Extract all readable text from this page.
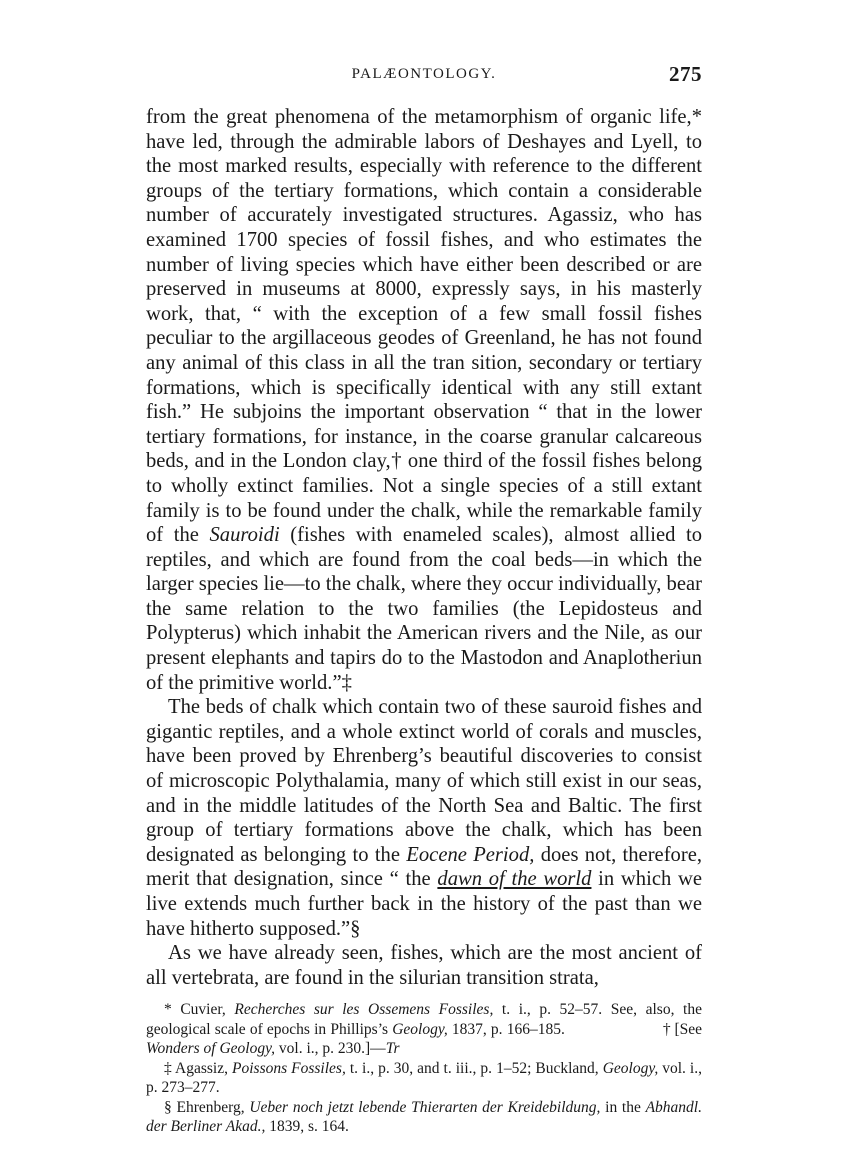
PALÆONTOLOGY.	275

from the great phenomena of the metamorphism of organic life,* have led, through the admirable labors of Deshayes and Lyell, to the most marked results, especially with reference to the different groups of the tertiary formations, which contain a considerable number of accurately investigated structures. Agassiz, who has examined 1700 species of fossil fishes, and who estimates the number of living species which have either been described or are preserved in museums at 8000, expressly says, in his masterly work, that, “ with the exception of a few small fossil fishes peculiar to the argillaceous geodes of Greenland, he has not found any animal of this class in all the tran sition, secondary or tertiary formations, which is specifically identical with any still extant fish.” He subjoins the important observation “ that in the lower tertiary formations, for instance, in the coarse granular calcareous beds, and in the London clay,† one third of the fossil fishes belong to wholly extinct families. Not a single species of a still extant family is to be found under the chalk, while the remarkable family of the Sauroidi (fishes with enameled scales), almost allied to reptiles, and which are found from the coal beds—in which the larger species lie—to the chalk, where they occur individually, bear the same relation to the two families (the Lepidosteus and Polypterus) which inhabit the American rivers and the Nile, as our present elephants and tapirs do to the Mastodon and Anaplotheriun of the primitive world.”‡

The beds of chalk which contain two of these sauroid fishes and gigantic reptiles, and a whole extinct world of corals and muscles, have been proved by Ehrenberg’s beautiful discoveries to consist of microscopic Polythalamia, many of which still exist in our seas, and in the middle latitudes of the North Sea and Baltic. The first group of tertiary formations above the chalk, which has been designated as belonging to the Eocene Period, does not, therefore, merit that designation, since “ the dawn of the world in which we live extends much further back in the history of the past than we have hitherto supposed.”§

As we have already seen, fishes, which are the most ancient of all vertebrata, are found in the silurian transition strata,

* Cuvier, Recherches sur les Ossemens Fossiles, t. i., p. 52–57. See, also, the geological scale of epochs in Phillips’s Geology, 1837, p. 166–185.	† [SeeWonders of Geology, vol. i., p. 230.]—Tr

‡ Agassiz, Poissons Fossiles, t. i., p. 30, and t. iii., p. 1–52; Buckland, Geology, vol. i., p. 273–277.

§ Ehrenberg, Ueber noch jetzt lebende Thierarten der Kreidebildung, in the Abhandl. der Berliner Akad., 1839, s. 164.
